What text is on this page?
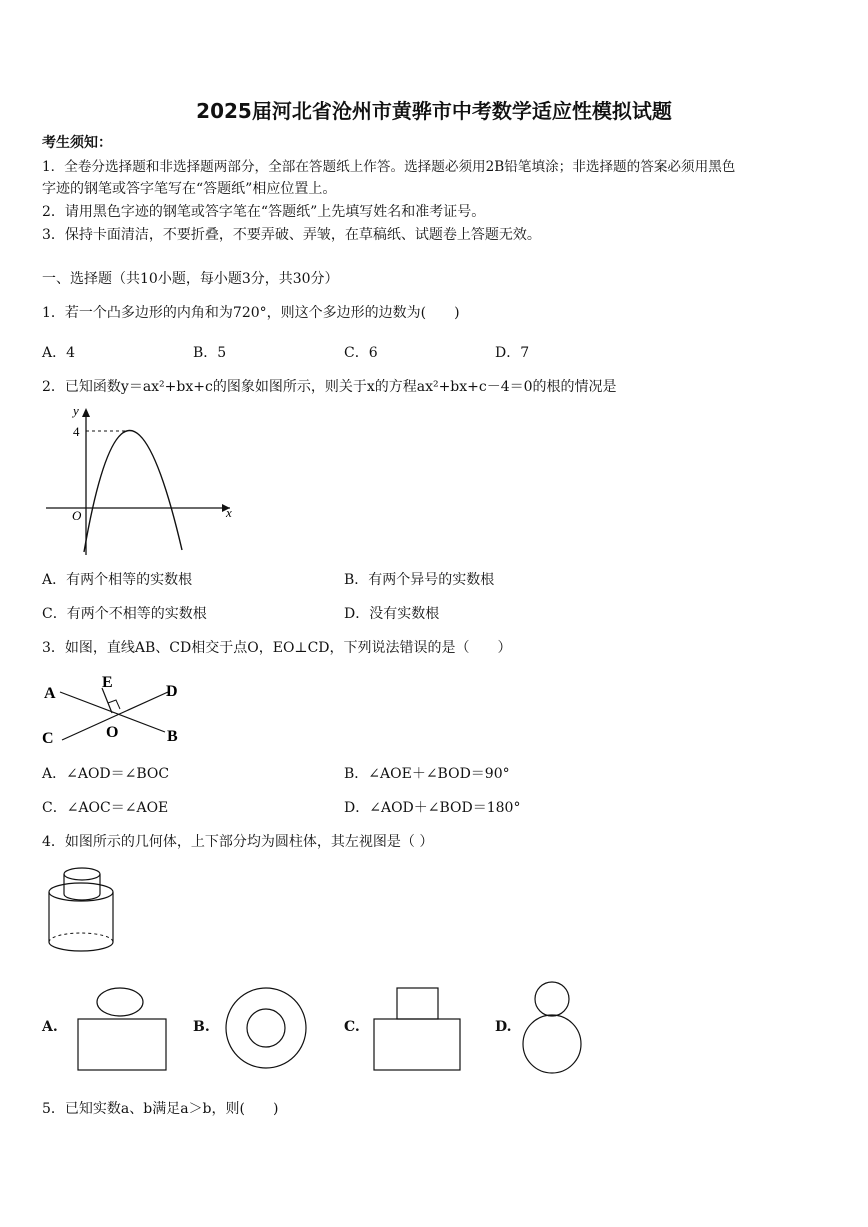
2025届河北省沧州市黄骅市中考数学适应性模拟试题
考生须知：
1．全卷分选择题和非选择题两部分，全部在答题纸上作答。选择题必须用2B铅笔填涂；非选择题的答案必须用黑色
字迹的钢笔或答字笔写在“答题纸”相应位置上。
2．请用黑色字迹的钢笔或答字笔在“答题纸”上先填写姓名和准考证号。
3．保持卡面清洁，不要折叠，不要弄破、弄皱，在草稿纸、试题卷上答题无效。
一、选择题（共10小题，每小题3分，共30分）
1．若一个凸多边形的内角和为720°，则这个多边形的边数为(　　)
A．4	B．5	C．6	D．7
2．已知函数y＝ax²+bx+c的图象如图所示，则关于x的方程ax²+bx+c－4＝0的根的情况是
y
x
O
4
A．有两个相等的实数根	B．有两个异号的实数根
C．有两个不相等的实数根	D．没有实数根
3．如图，直线AB、CD相交于点O，EO⊥CD，下列说法错误的是（　　）
A
E
D
C	O	B
A．∠AOD＝∠BOC	B．∠AOE＋∠BOD＝90°
C．∠AOC＝∠AOE	D．∠AOD＋∠BOD＝180°
4．如图所示的几何体，上下部分均为圆柱体，其左视图是（ ）
A.	B.	C.	D.
5．已知实数a、b满足a＞b，则(　　)
